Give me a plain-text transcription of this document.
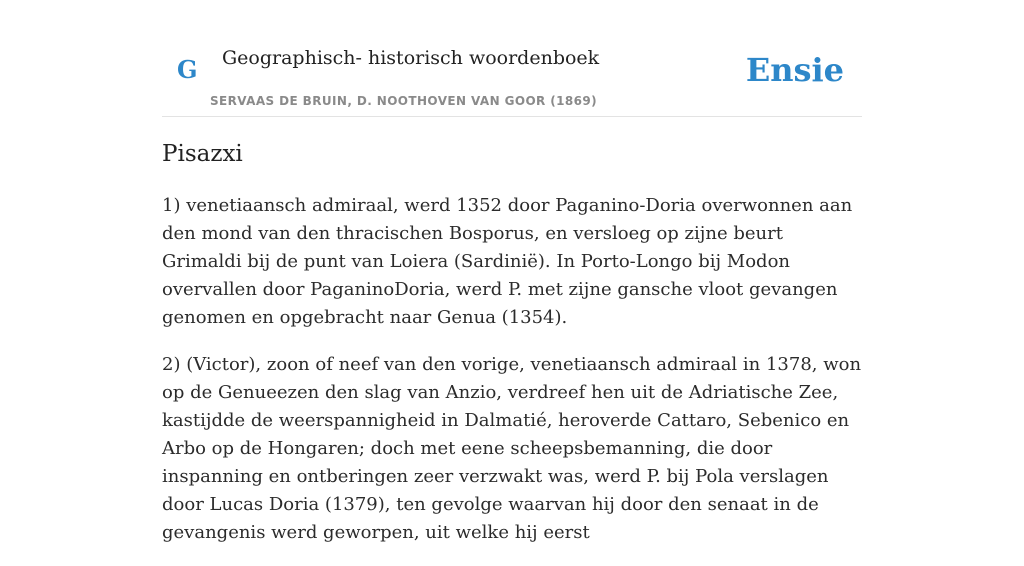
G Geographisch- historisch woordenboek
SERVAAS DE BRUIN, D. NOOTHOVEN VAN GOOR (1869)
Ensie
Pisazxi

1) venetiaansch admiraal, werd 1352 door Paganino-Doria overwonnen aan den mond van den thracischen Bosporus, en versloeg op zijne beurt Grimaldi bij de punt van Loiera (Sardinië). In Porto-Longo bij Modon overvallen door PaganinoDoria, werd P. met zijne gansche vloot gevangen genomen en opgebracht naar Genua (1354).

2) (Victor), zoon of neef van den vorige, venetiaansch admiraal in 1378, won op de Genueezen den slag van Anzio, verdreef hen uit de Adriatische Zee, kastijdde de weerspannigheid in Dalmatié, heroverde Cattaro, Sebenico en Arbo op de Hongaren; doch met eene scheepsbemanning, die door inspanning en ontberingen zeer verzwakt was, werd P. bij Pola verslagen door Lucas Doria (1379), ten gevolge waarvan hij door den senaat in de gevangenis werd geworpen, uit welke hij eerst
